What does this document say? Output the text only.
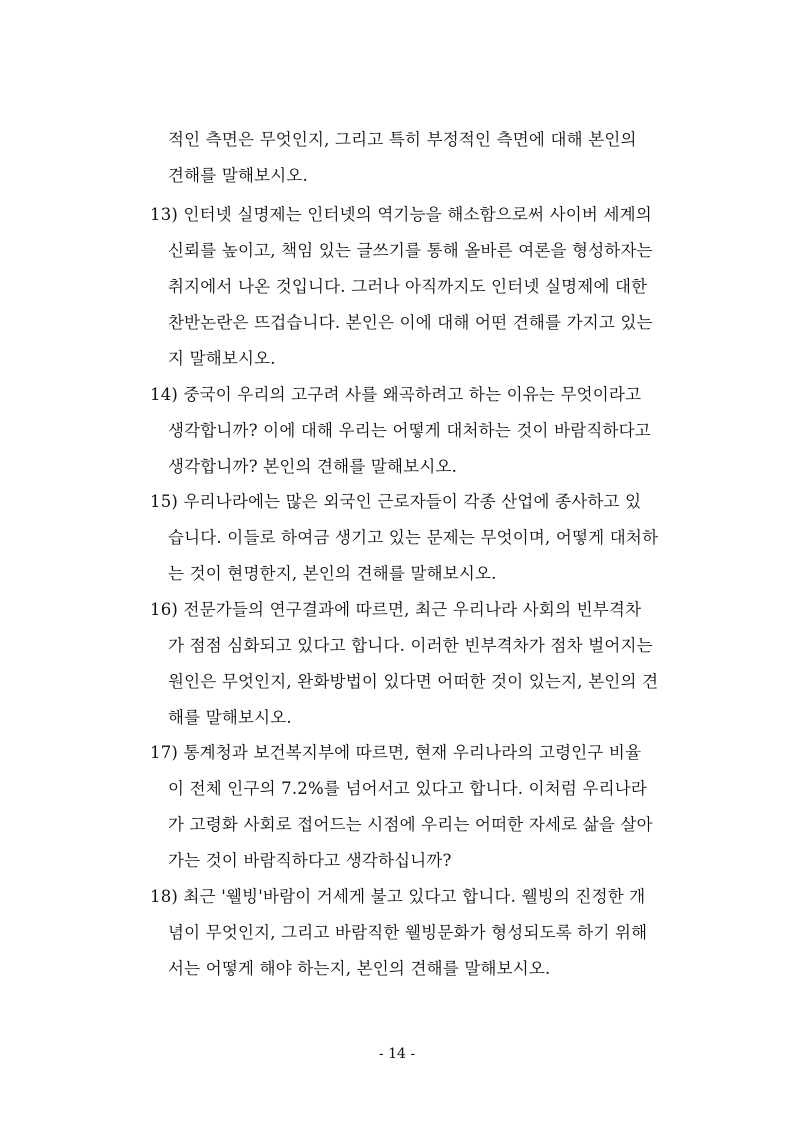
적인 측면은 무엇인지, 그리고 특히 부정적인 측면에 대해 본인의
견해를 말해보시오.
13) 인터넷 실명제는 인터넷의 역기능을 해소함으로써 사이버 세계의
신뢰를 높이고, 책임 있는 글쓰기를 통해 올바른 여론을 형성하자는
취지에서 나온 것입니다. 그러나 아직까지도 인터넷 실명제에 대한
찬반논란은 뜨겁습니다. 본인은 이에 대해 어떤 견해를 가지고 있는
지 말해보시오.
14) 중국이 우리의 고구려 사를 왜곡하려고 하는 이유는 무엇이라고
생각합니까? 이에 대해 우리는 어떻게 대처하는 것이 바람직하다고
생각합니까? 본인의 견해를 말해보시오.
15) 우리나라에는 많은 외국인 근로자들이 각종 산업에 종사하고 있
습니다. 이들로 하여금 생기고 있는 문제는 무엇이며, 어떻게 대처하
는 것이 현명한지, 본인의 견해를 말해보시오.
16) 전문가들의 연구결과에 따르면, 최근 우리나라 사회의 빈부격차
가 점점 심화되고 있다고 합니다. 이러한 빈부격차가 점차 벌어지는
원인은 무엇인지, 완화방법이 있다면 어떠한 것이 있는지, 본인의 견
해를 말해보시오.
17) 통계청과 보건복지부에 따르면, 현재 우리나라의 고령인구 비율
이 전체 인구의 7.2%를 넘어서고 있다고 합니다. 이처럼 우리나라
가 고령화 사회로 접어드는 시점에 우리는 어떠한 자세로 삶을 살아
가는 것이 바람직하다고 생각하십니까?
18) 최근 '웰빙'바람이 거세게 불고 있다고 합니다. 웰빙의 진정한 개
념이 무엇인지, 그리고 바람직한 웰빙문화가 형성되도록 하기 위해
서는 어떻게 해야 하는지, 본인의 견해를 말해보시오.
- 14 -
